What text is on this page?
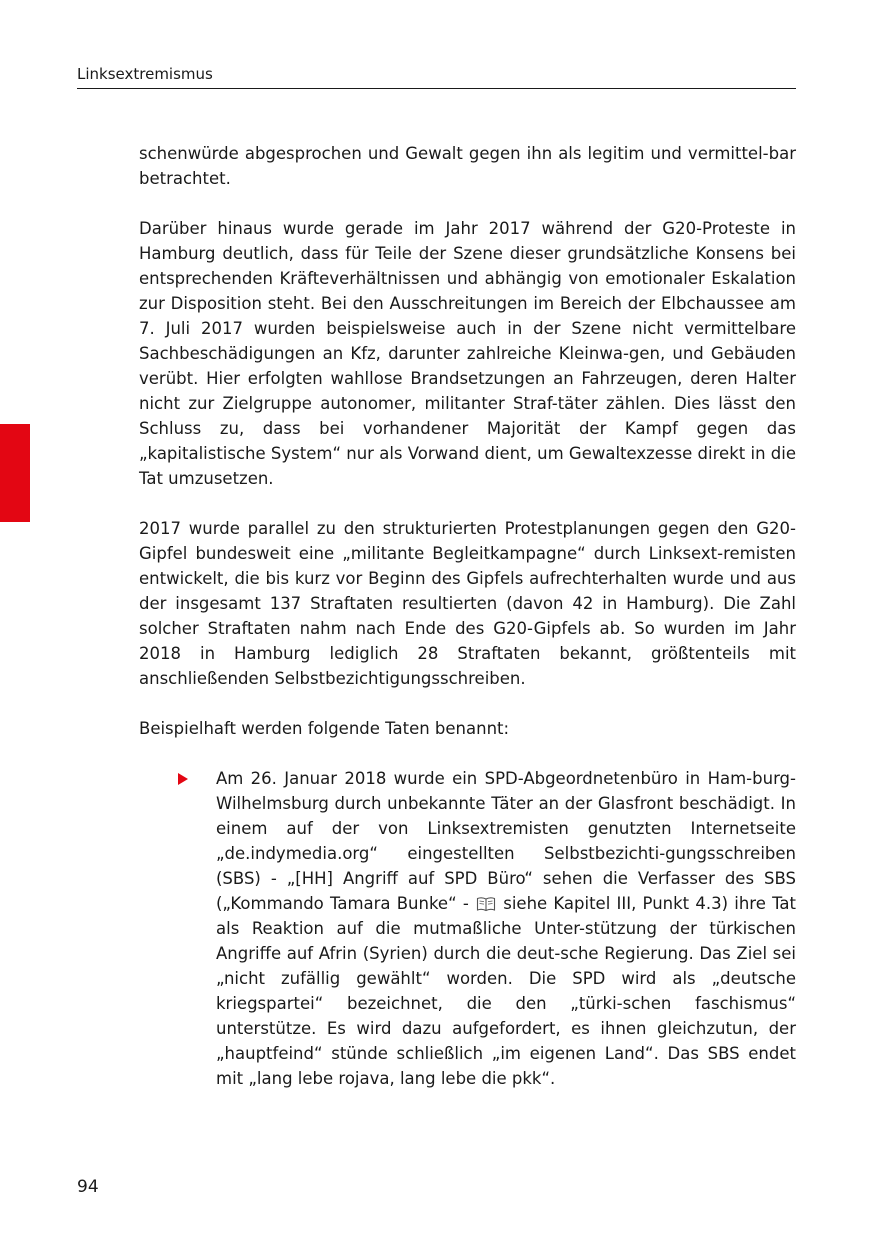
Linksextremismus

schenwürde abgesprochen und Gewalt gegen ihn als legitim und vermittel-bar betrachtet.

Darüber hinaus wurde gerade im Jahr 2017 während der G20-Proteste in Hamburg deutlich, dass für Teile der Szene dieser grundsätzliche Konsens bei entsprechenden Kräfteverhältnissen und abhängig von emotionaler Eskalation zur Disposition steht. Bei den Ausschreitungen im Bereich der Elbchaussee am 7. Juli 2017 wurden beispielsweise auch in der Szene nicht vermittelbare Sachbeschädigungen an Kfz, darunter zahlreiche Kleinwa-gen, und Gebäuden verübt. Hier erfolgten wahllose Brandsetzungen an Fahrzeugen, deren Halter nicht zur Zielgruppe autonomer, militanter Straf-täter zählen. Dies lässt den Schluss zu, dass bei vorhandener Majorität der Kampf gegen das „kapitalistische System“ nur als Vorwand dient, um Gewaltexzesse direkt in die Tat umzusetzen.

2017 wurde parallel zu den strukturierten Protestplanungen gegen den G20-Gipfel bundesweit eine „militante Begleitkampagne“ durch Linksext-remisten entwickelt, die bis kurz vor Beginn des Gipfels aufrechterhalten wurde und aus der insgesamt 137 Straftaten resultierten (davon 42 in Hamburg). Die Zahl solcher Straftaten nahm nach Ende des G20-Gipfels ab. So wurden im Jahr 2018 in Hamburg lediglich 28 Straftaten bekannt, größtenteils mit anschließenden Selbstbezichtigungsschreiben.

Beispielhaft werden folgende Taten benannt:

Am 26. Januar 2018 wurde ein SPD-Abgeordnetenbüro in Ham-burg-Wilhelmsburg durch unbekannte Täter an der Glasfront beschädigt. In einem auf der von Linksextremisten genutzten Internetseite „de.indymedia.org“ eingestellten Selbstbezichti-gungsschreiben (SBS) - „[HH] Angriff auf SPD Büro“ sehen die Verfasser des SBS („Kommando Tamara Bunke“ - siehe Kapitel III, Punkt 4.3) ihre Tat als Reaktion auf die mutmaßliche Unter-stützung der türkischen Angriffe auf Afrin (Syrien) durch die deut-sche Regierung. Das Ziel sei „nicht zufällig gewählt“ worden. Die SPD wird als „deutsche kriegspartei“ bezeichnet, die den „türki-schen faschismus“ unterstütze. Es wird dazu aufgefordert, es ihnen gleichzutun, der „hauptfeind“ stünde schließlich „im eigenen Land“. Das SBS endet mit „lang lebe rojava, lang lebe die pkk“.
94
